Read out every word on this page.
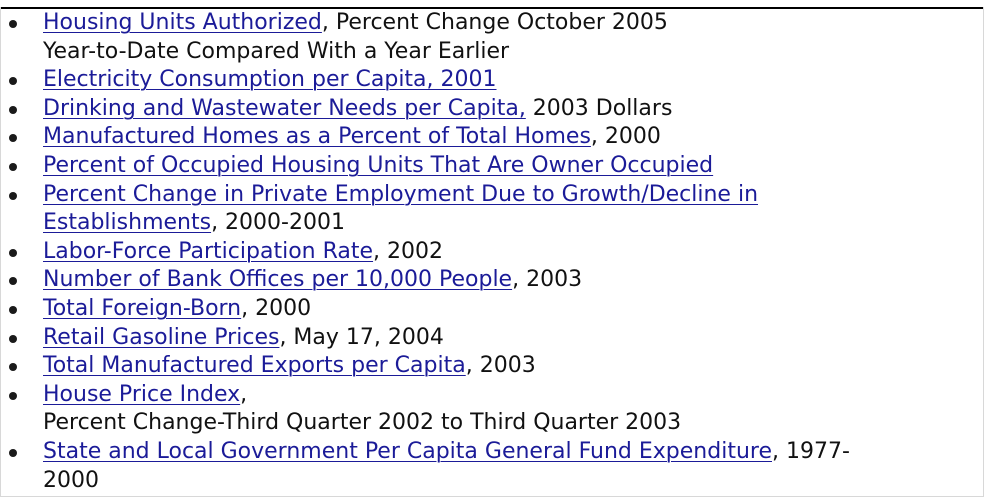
Housing Units Authorized, Percent Change October 2005
Year-to-Date Compared With a Year Earlier
Electricity Consumption per Capita, 2001
Drinking and Wastewater Needs per Capita, 2003 Dollars
Manufactured Homes as a Percent of Total Homes, 2000
Percent of Occupied Housing Units That Are Owner Occupied
Percent Change in Private Employment Due to Growth/Decline in
Establishments, 2000-2001
Labor-Force Participation Rate, 2002
Number of Bank Offices per 10,000 People, 2003
Total Foreign-Born, 2000
Retail Gasoline Prices, May 17, 2004
Total Manufactured Exports per Capita, 2003
House Price Index,
Percent Change-Third Quarter 2002 to Third Quarter 2003
State and Local Government Per Capita General Fund Expenditure, 1977-
2000
